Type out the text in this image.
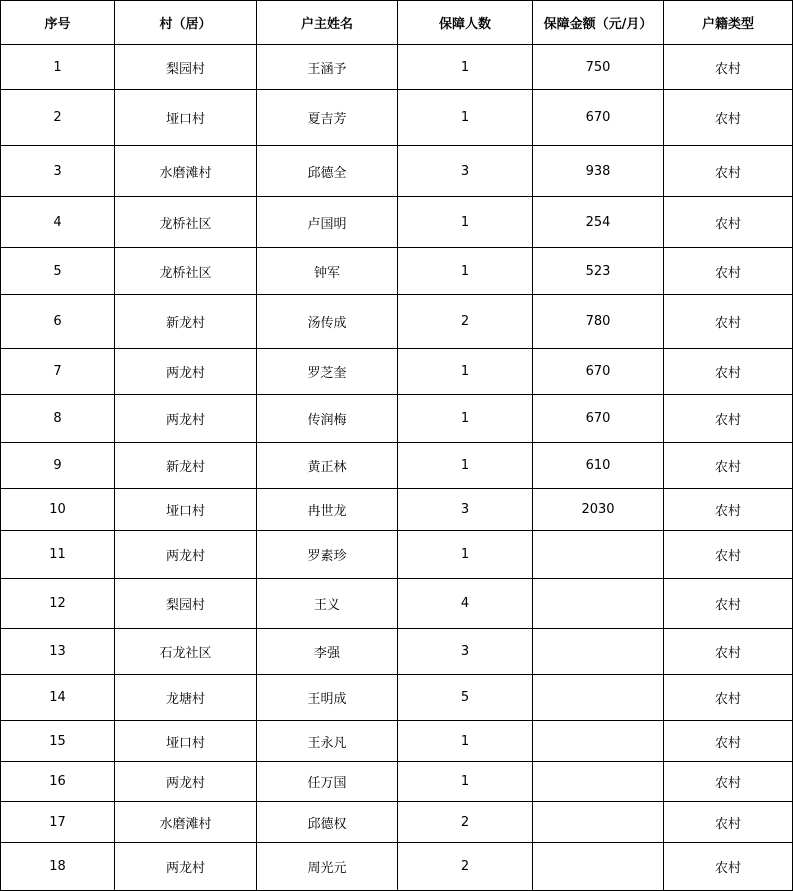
序号	村（居）	户主姓名	保障人数	保障金额（元/月）	户籍类型
1	梨园村	王涵予	1	750	农村
2	垭口村	夏吉芳	1	670	农村
3	水磨滩村	邱德全	3	938	农村
4	龙桥社区	卢国明	1	254	农村
5	龙桥社区	钟军	1	523	农村
6	新龙村	汤传成	2	780	农村
7	两龙村	罗芝奎	1	670	农村
8	两龙村	传润梅	1	670	农村
9	新龙村	黄正林	1	610	农村
10	垭口村	冉世龙	3	2030	农村
11	两龙村	罗素珍	1		农村
12	梨园村	王义	4		农村
13	石龙社区	李强	3		农村
14	龙塘村	王明成	5		农村
15	垭口村	王永凡	1		农村
16	两龙村	任万国	1		农村
17	水磨滩村	邱德权	2		农村
18	两龙村	周光元	2		农村
